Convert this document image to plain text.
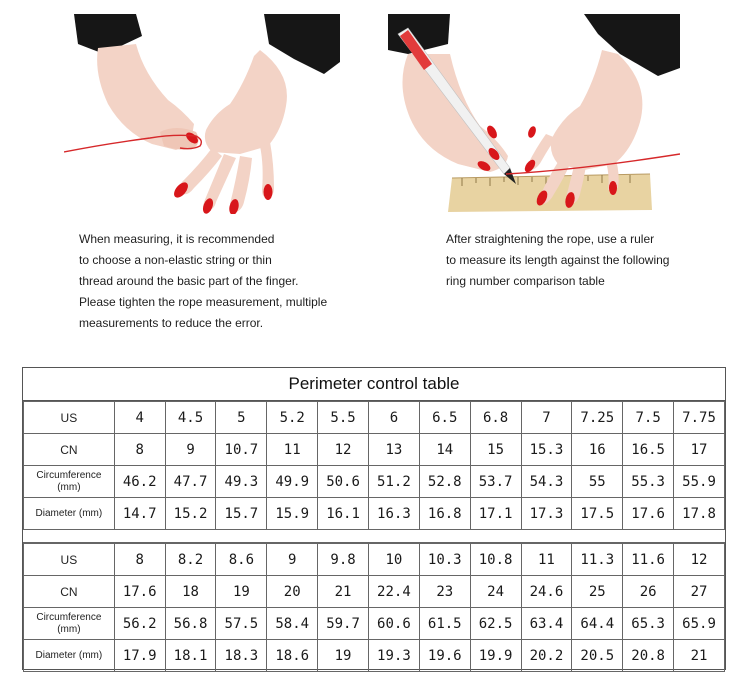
When measuring, it is recommended
to choose a non-elastic string or thin
thread around the basic part of the finger.
Please tighten the rope measurement, multiple
measurements to reduce the error.
After straightening the rope, use a ruler
to measure its length against the following
ring number comparison table
Perimeter control table
US	4	4.5	5	5.2	5.5	6	6.5	6.8	7	7.25	7.5	7.75
CN	8	9	10.7	11	12	13	14	15	15.3	16	16.5	17

Circumference
(mm)	46.2	47.7	49.3	49.9	50.6	51.2	52.8	53.7	54.3	55	55.3	55.9
Diameter (mm)	14.7	15.2	15.7	15.9	16.1	16.3	16.8	17.1	17.3	17.5	17.6	17.8
US	8	8.2	8.6	9	9.8	10	10.3	10.8	11	11.3	11.6	12
CN	17.6	18	19	20	21	22.4	23	24	24.6	25	26	27

Circumference
(mm)	56.2	56.8	57.5	58.4	59.7	60.6	61.5	62.5	63.4	64.4	65.3	65.9
Diameter (mm)	17.9	18.1	18.3	18.6	19	19.3	19.6	19.9	20.2	20.5	20.8	21
